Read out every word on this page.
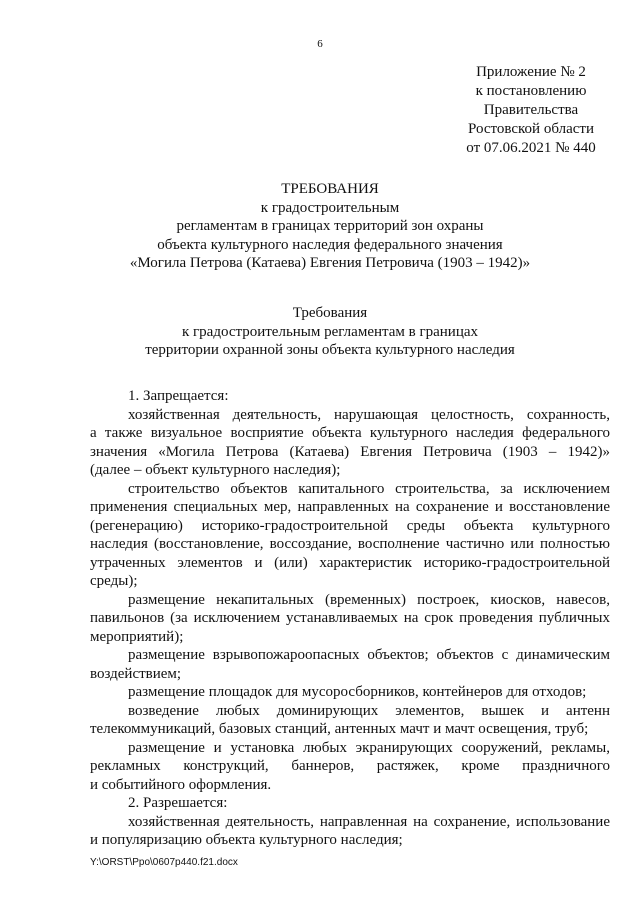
6
Приложение № 2
к постановлению
Правительства
Ростовской области
от 07.06.2021 № 440
ТРЕБОВАНИЯ
к градостроительным
регламентам в границах территорий зон охраны
объекта культурного наследия федерального значения
«Могила Петрова (Катаева) Евгения Петровича (1903 – 1942)»
Требования
к градостроительным регламентам в границах
территории охранной зоны объекта культурного наследия
1. Запрещается:
хозяйственная деятельность, нарушающая целостность, сохранность,
а также визуальное восприятие объекта культурного наследия федерального
значения «Могила Петрова (Катаева) Евгения Петровича (1903 – 1942)»
(далее – объект культурного наследия);
строительство объектов капитального строительства, за исключением
применения специальных мер, направленных на сохранение и восстановление
(регенерацию) историко-градостроительной среды объекта культурного
наследия (восстановление, воссоздание, восполнение частично или полностью
утраченных элементов и (или) характеристик историко-градостроительной
среды);
размещение некапитальных (временных) построек, киосков, навесов,
павильонов (за исключением устанавливаемых на срок проведения публичных
мероприятий);
размещение взрывопожароопасных объектов; объектов с динамическим
воздействием;
размещение площадок для мусоросборников, контейнеров для отходов;
возведение любых доминирующих элементов, вышек и антенн
телекоммуникаций, базовых станций, антенных мачт и мачт освещения, труб;
размещение и установка любых экранирующих сооружений, рекламы,
рекламных конструкций, баннеров, растяжек, кроме праздничного
и событийного оформления.
2. Разрешается:
хозяйственная деятельность, направленная на сохранение, использование
и популяризацию объекта культурного наследия;
Y:\ORST\Ppo\0607p440.f21.docx
